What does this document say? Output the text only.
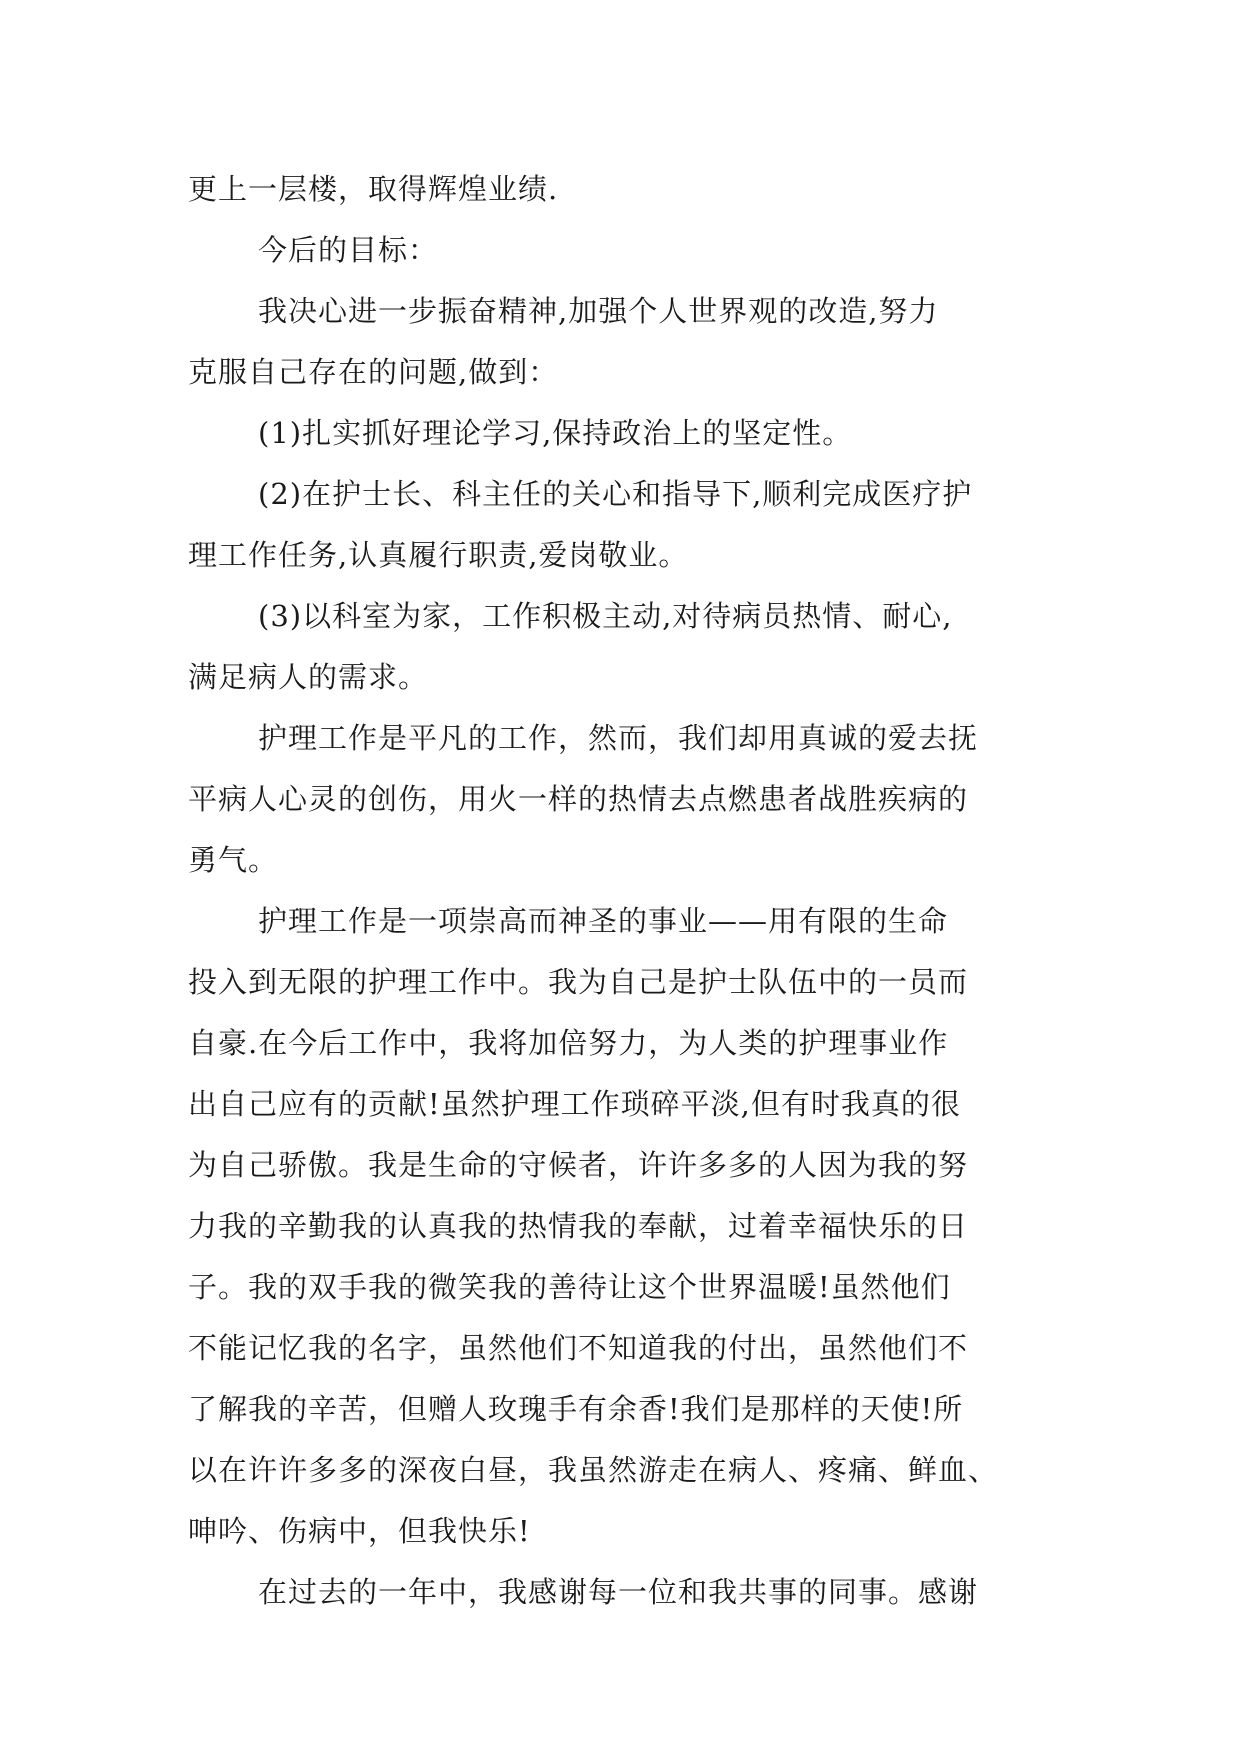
更上一层楼，取得辉煌业绩.
今后的目标：
我决心进一步振奋精神,加强个人世界观的改造,努力
克服自己存在的问题,做到：
(1)扎实抓好理论学习,保持政治上的坚定性。
(2)在护士长、科主任的关心和指导下,顺利完成医疗护
理工作任务,认真履行职责,爱岗敬业。
(3)以科室为家，工作积极主动,对待病员热情、耐心,
满足病人的需求。
护理工作是平凡的工作，然而，我们却用真诚的爱去抚
平病人心灵的创伤，用火一样的热情去点燃患者战胜疾病的
勇气。
护理工作是一项崇高而神圣的事业——用有限的生命
投入到无限的护理工作中。我为自己是护士队伍中的一员而
自豪.在今后工作中，我将加倍努力，为人类的护理事业作
出自己应有的贡献!虽然护理工作琐碎平淡,但有时我真的很
为自己骄傲。我是生命的守候者，许许多多的人因为我的努
力我的辛勤我的认真我的热情我的奉献，过着幸福快乐的日
子。我的双手我的微笑我的善待让这个世界温暖!虽然他们
不能记忆我的名字，虽然他们不知道我的付出，虽然他们不
了解我的辛苦，但赠人玫瑰手有余香!我们是那样的天使!所
以在许许多多的深夜白昼，我虽然游走在病人、疼痛、鲜血、
呻吟、伤病中，但我快乐!
在过去的一年中，我感谢每一位和我共事的同事。感谢
